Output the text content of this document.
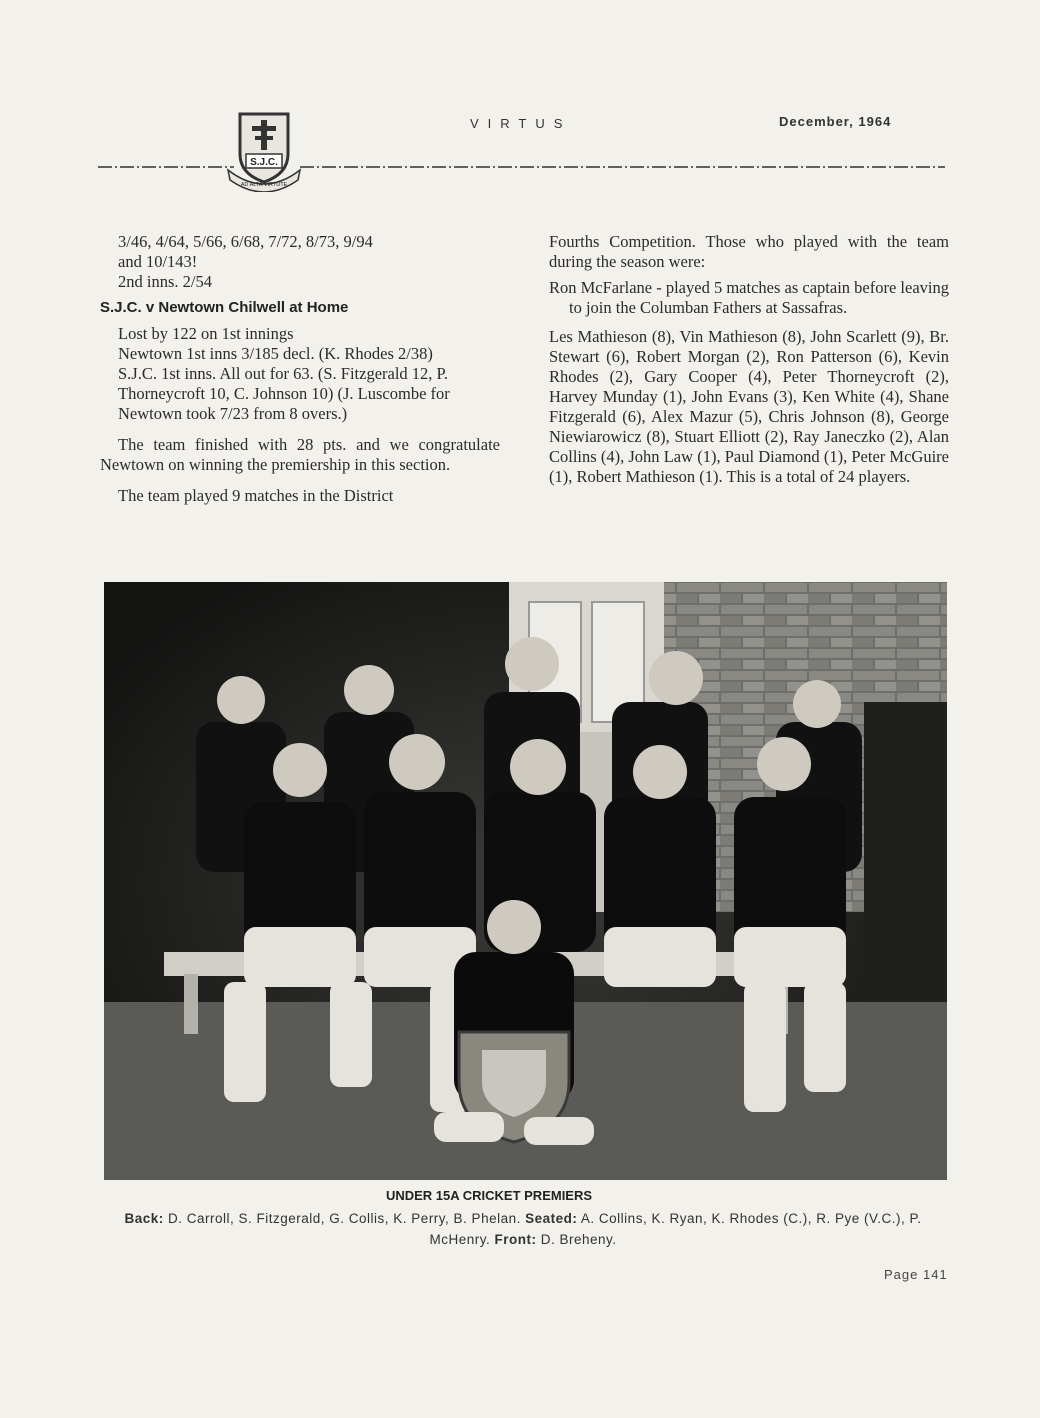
S.J.C.
AD ALTA VIRTUTE
VIRTUS	December, 1964

3/46, 4/64, 5/66, 6/68, 7/72, 8/73, 9/94

and 10/143!

2nd inns. 2/54

S.J.C. v Newtown Chilwell at Home

Lost by 122 on 1st innings

Newtown 1st inns 3/185 decl. (K. Rhodes 2/38)

S.J.C. 1st inns. All out for 63. (S. Fitzgerald 12, P. Thorneycroft 10, C. Johnson 10) (J. Luscombe for Newtown took 7/23 from 8 overs.)

The team finished with 28 pts. and we congratulate Newtown on winning the premiership in this section.

The team played 9 matches in the District

Fourths Competition. Those who played with the team during the season were:

Ron McFarlane - played 5 matches as captain before leaving to join the Columban Fathers at Sassafras.

Les Mathieson (8), Vin Mathieson (8), John Scarlett (9), Br. Stewart (6), Robert Morgan (2), Ron Patterson (6), Kevin Rhodes (2), Gary Cooper (4), Peter Thorneycroft (2), Harvey Munday (1), John Evans (3), Ken White (4), Shane Fitzgerald (6), Alex Mazur (5), Chris Johnson (8), George Niewiarowicz (8), Stuart Elliott (2), Ray Janeczko (2), Alan Collins (4), John Law (1), Paul Diamond (1), Peter McGuire (1), Robert Mathieson (1). This is a total of 24 players.

UNDER 15A CRICKET PREMIERS
Back: D. Carroll, S. Fitzgerald, G. Collis, K. Perry, B. Phelan. Seated: A. Collins, K. Ryan, K. Rhodes (C.), R. Pye (V.C.), P. McHenry. Front: D. Breheny.
Page 141
